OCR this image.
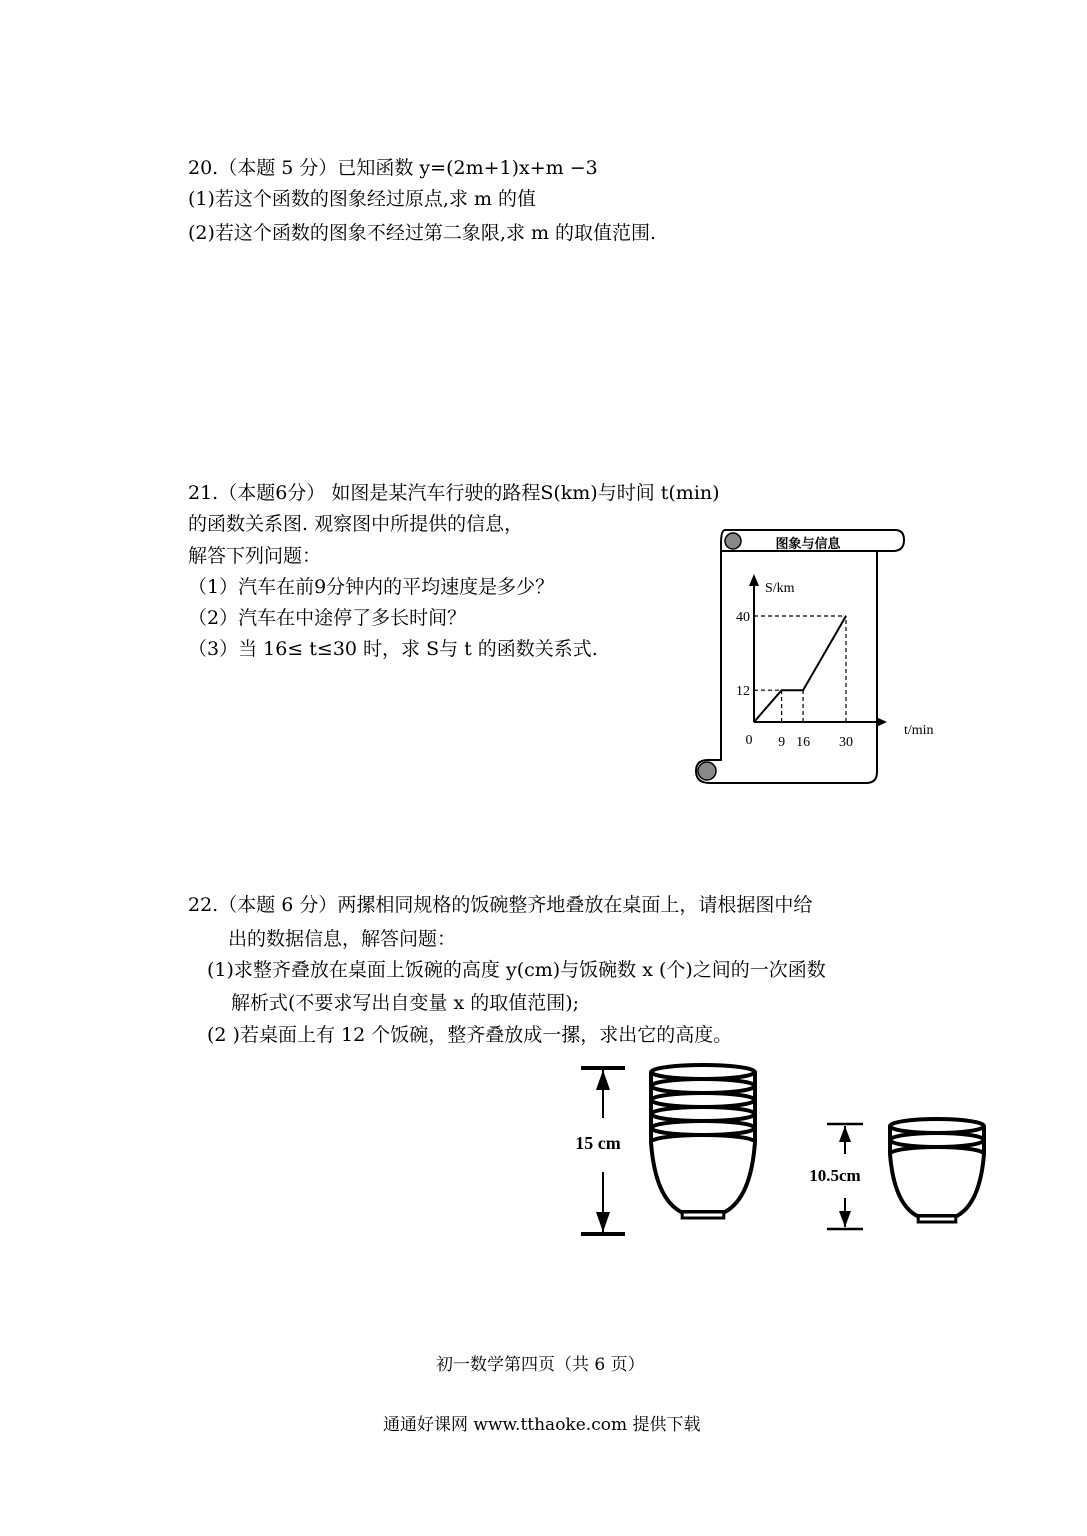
20.（本题 5 分）已知函数 y=(2m+1)x+m −3
(1)若这个函数的图象经过原点,求 m 的值
(2)若这个函数的图象不经过第二象限,求 m 的取值范围.
21.（本题6分） 如图是某汽车行驶的路程S(km)与时间 t(min)
的函数关系图. 观察图中所提供的信息，
解答下列问题：
（1）汽车在前9分钟内的平均速度是多少？
（2）汽车在中途停了多长时间？
（3）当 16≤ t≤30 时，求 S与 t 的函数关系式.
图象与信息
S/km
t/min
0
12
40
9 16 30
22.（本题 6 分）两摞相同规格的饭碗整齐地叠放在桌面上，请根据图中给
出的数据信息，解答问题：
(1)求整齐叠放在桌面上饭碗的高度 y(cm)与饭碗数 x (个)之间的一次函数
解析式(不要求写出自变量 x 的取值范围);
(2 )若桌面上有 12 个饭碗，整齐叠放成一摞，求出它的高度。
15 cm
10.5cm
初一数学第四页（共 6 页）
通通好课网 www.tthaoke.com 提供下载
